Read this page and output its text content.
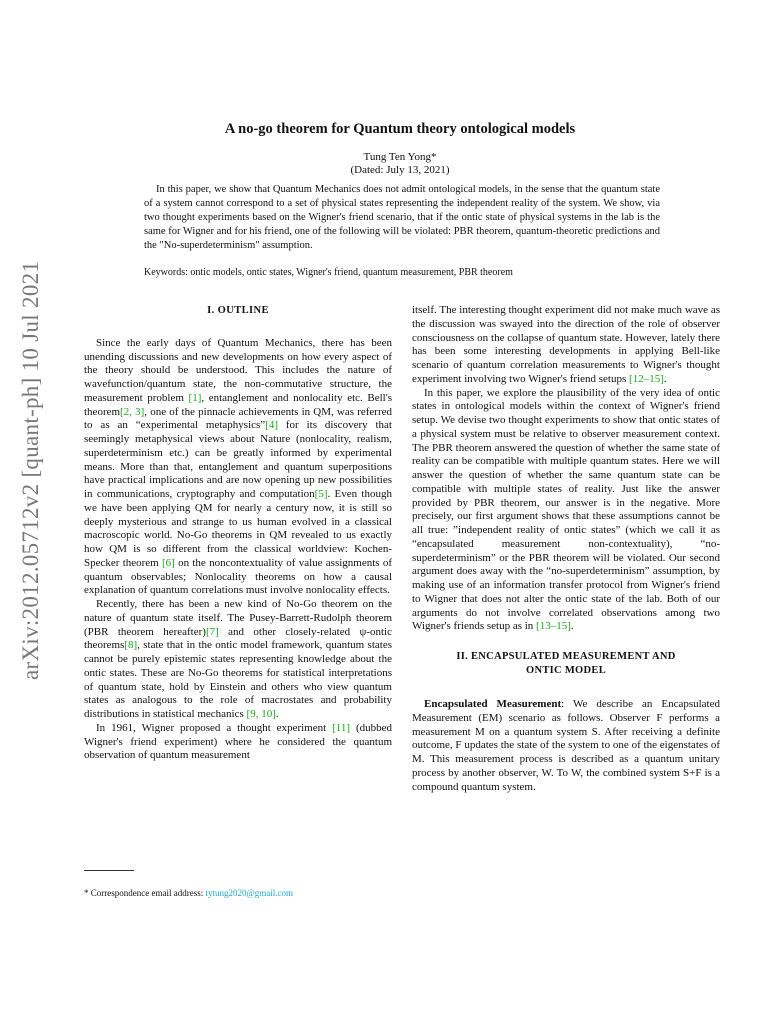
arXiv:2012.05712v2 [quant-ph] 10 Jul 2021
A no-go theorem for Quantum theory ontological models
Tung Ten Yong*
(Dated: July 13, 2021)
In this paper, we show that Quantum Mechanics does not admit ontological models, in the sense that the quantum state of a system cannot correspond to a set of physical states representing the independent reality of the system. We show, via two thought experiments based on the Wigner's friend scenario, that if the ontic state of physical systems in the lab is the same for Wigner and for his friend, one of the following will be violated: PBR theorem, quantum-theoretic predictions and the "No-superdeterminism" assumption.
Keywords: ontic models, ontic states, Wigner's friend, quantum measurement, PBR theorem
I. OUTLINE

Since the early days of Quantum Mechanics, there has been unending discussions and new developments on how every aspect of the theory should be understood. This includes the nature of wavefunction/quantum state, the non-commutative structure, the measurement problem [1], entanglement and nonlocality etc. Bell's theorem[2, 3], one of the pinnacle achievements in QM, was referred to as an “experimental metaphysics”[4] for its discovery that seemingly metaphysical views about Nature (nonlocality, realism, superdeterminism etc.) can be greatly informed by experimental means. More than that, entanglement and quantum superpositions have practical implications and are now opening up new possibilities in communications, cryptography and computation[5]. Even though we have been applying QM for nearly a century now, it is still so deeply mysterious and strange to us human evolved in a classical macroscopic world. No-Go theorems in QM revealed to us exactly how QM is so different from the classical worldview: Kochen-Specker theorem [6] on the noncontextuality of value assignments of quantum observables; Nonlocality theorems on how a causal explanation of quantum correlations must involve nonlocality effects.

Recently, there has been a new kind of No-Go theorem on the nature of quantum state itself. The Pusey-Barrett-Rudolph theorem (PBR theorem hereafter)[7] and other closely-related ψ-ontic theorems[8], state that in the ontic model framework, quantum states cannot be purely epistemic states representing knowledge about the ontic states. These are No-Go theorems for statistical interpretations of quantum state, hold by Einstein and others who view quantum states as analogous to the role of macrostates and probability distributions in statistical mechanics [9, 10].

In 1961, Wigner proposed a thought experiment [11] (dubbed Wigner's friend experiment) where he considered the quantum observation of quantum measurement

itself. The interesting thought experiment did not make much wave as the discussion was swayed into the direction of the role of observer consciousness on the collapse of quantum state. However, lately there has been some interesting developments in applying Bell-like scenario of quantum correlation measurements to Wigner's thought experiment involving two Wigner's friend setups [12–15].

In this paper, we explore the plausibility of the very idea of ontic states in ontological models within the context of Wigner's friend setup. We devise two thought experiments to show that ontic states of a physical system must be relative to observer measurement context. The PBR theorem answered the question of whether the same state of reality can be compatible with multiple quantum states. Here we will answer the question of whether the same quantum state can be compatible with multiple states of reality. Just like the answer provided by PBR theorem, our answer is in the negative. More precisely, our first argument shows that these assumptions cannot be all true: ”independent reality of ontic states” (which we call it as “encapsulated measurement non-contextuality), “no-superdeterminism” or the PBR theorem will be violated. Our second argument does away with the “no-superdeterminism” assumption, by making use of an information transfer protocol from Wigner's friend to Wigner that does not alter the ontic state of the lab. Both of our arguments do not involve correlated observations among two Wigner's friends setup as in [13–15].

II. ENCAPSULATED MEASUREMENT AND
ONTIC MODEL

Encapsulated Measurement: We describe an Encapsulated Measurement (EM) scenario as follows. Observer F performs a measurement M on a quantum system S. After receiving a definite outcome, F updates the state of the system to one of the eigenstates of M. This measurement process is described as a quantum unitary process by another observer, W. To W, the combined system S+F is a compound quantum system.

* Correspondence email address: tytung2020@gmail.com
